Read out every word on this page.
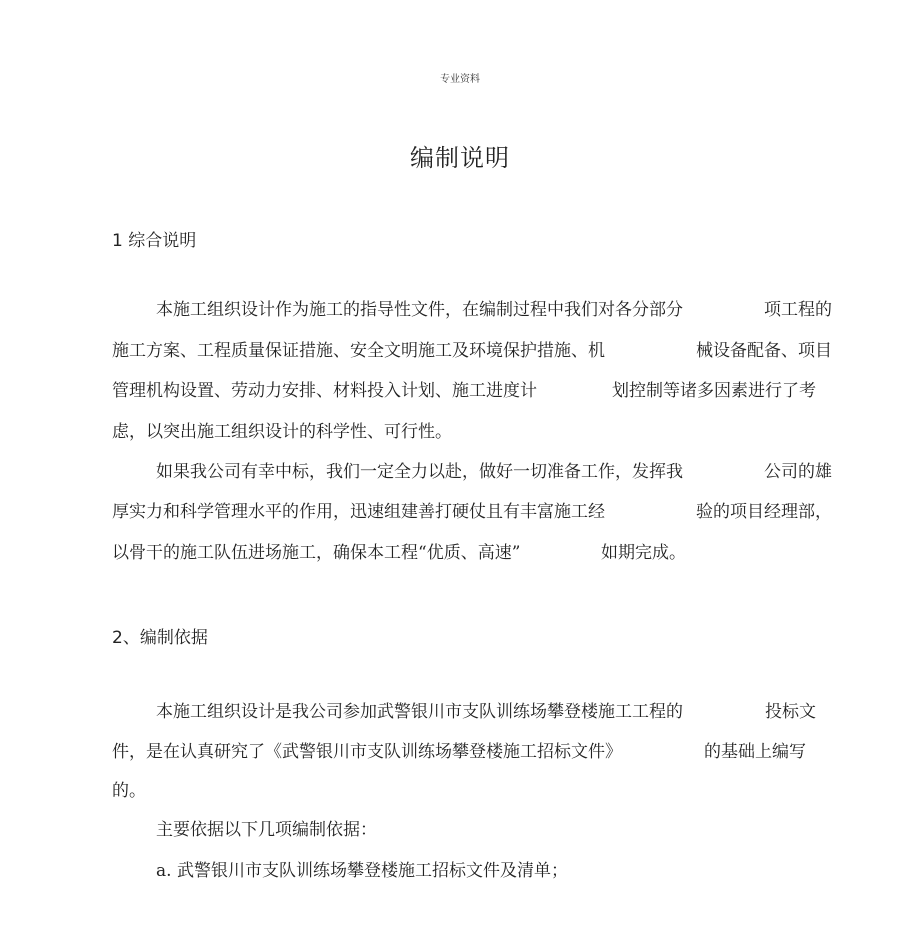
专业资料
编制说明
1 综合说明
本施工组织设计作为施工的指导性文件，在编制过程中我们对各分部分	项工程的
施工方案、工程质量保证措施、安全文明施工及环境保护措施、机	械设备配备、项目
管理机构设置、劳动力安排、材料投入计划、施工进度计	划控制等诸多因素进行了考
虑，以突出施工组织设计的科学性、可行性。
如果我公司有幸中标，我们一定全力以赴，做好一切准备工作，发挥我	公司的雄
厚实力和科学管理水平的作用，迅速组建善打硬仗且有丰富施工经	验的项目经理部，
以骨干的施工队伍进场施工，确保本工程“优质、高速”	如期完成。
2、编制依据
本施工组织设计是我公司参加武警银川市支队训练场攀登楼施工工程的	投标文
件，是在认真研究了《武警银川市支队训练场攀登楼施工招标文件》	的基础上编写
的。
主要依据以下几项编制依据：
a. 武警银川市支队训练场攀登楼施工招标文件及清单；
